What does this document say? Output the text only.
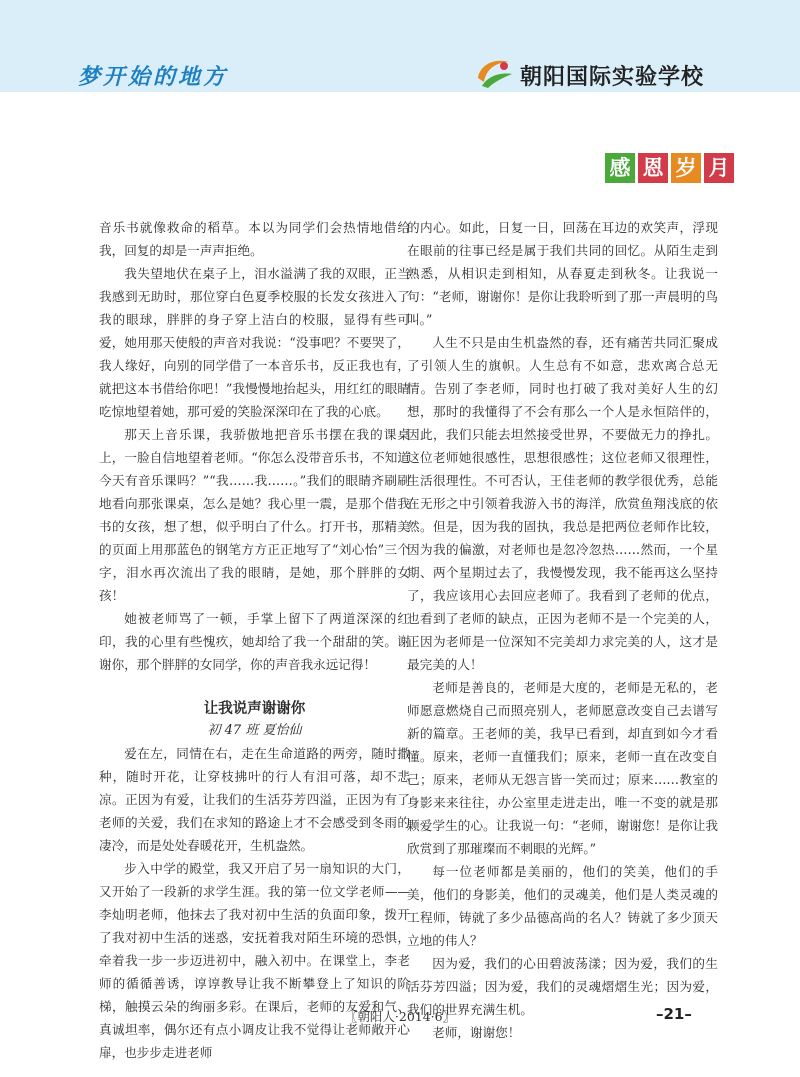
梦开始的地方	朝阳国际实验学校
感 恩 岁 月

音乐书就像救命的稻草。本以为同学们会热情地借给我，回复的却是一声声拒绝。

我失望地伏在桌子上，泪水溢满了我的双眼，正当我感到无助时，那位穿白色夏季校服的长发女孩进入了我的眼球，胖胖的身子穿上洁白的校服，显得有些可爱，她用那天使般的声音对我说：“没事吧？不要哭了，我人缘好，向别的同学借了一本音乐书，反正我也有，就把这本书借给你吧！”我慢慢地抬起头，用红红的眼睛吃惊地望着她，那可爱的笑脸深深印在了我的心底。

那天上音乐课，我骄傲地把音乐书摆在我的课桌上，一脸自信地望着老师。“你怎么没带音乐书，不知道今天有音乐课吗？”“我……我……。”我们的眼睛齐刷刷地看向那张课桌，怎么是她？我心里一震，是那个借我书的女孩，想了想，似乎明白了什么。打开书，那精美的页面上用那蓝色的钢笔方方正正地写了“刘心怡”三个字，泪水再次流出了我的眼睛，是她，那个胖胖的女孩！

她被老师骂了一顿，手掌上留下了两道深深的红印，我的心里有些愧疚，她却给了我一个甜甜的笑。谢谢你，那个胖胖的女同学，你的声音我永远记得！

让我说声谢谢你
初 47 班 夏怡仙

爱在左，同情在右，走在生命道路的两旁，随时撒种，随时开花，让穿枝拂叶的行人有泪可落，却不悲凉。正因为有爱，让我们的生活芬芳四溢，正因为有了老师的关爱，我们在求知的路途上才不会感受到冬雨的凄冷，而是处处春暖花开，生机盎然。

步入中学的殿堂，我又开启了另一扇知识的大门，又开始了一段新的求学生涯。我的第一位文学老师——李灿明老师，他抹去了我对初中生活的负面印象，拨开了我对初中生活的迷惑，安抚着我对陌生环境的恐惧，牵着我一步一步迈进初中，融入初中。在课堂上，李老师的循循善诱，谆谆教导让我不断攀登上了知识的阶梯，触摸云朵的绚丽多彩。在课后，老师的友爱和气、真诚坦率，偶尔还有点小调皮让我不觉得让老师敞开心扉，也步步走进老师

的内心。如此，日复一日，回荡在耳边的欢笑声，浮现在眼前的往事已经是属于我们共同的回忆。从陌生走到熟悉，从相识走到相知，从春夏走到秋冬。让我说一句：“老师，谢谢你！是你让我聆听到了那一声晨明的鸟叫。”

人生不只是由生机盎然的春，还有痛苦共同汇聚成了引领人生的旗帜。人生总有不如意，悲欢离合总无情。告别了李老师，同时也打破了我对美好人生的幻想，那时的我懂得了不会有那么一个人是永恒陪伴的，因此，我们只能去坦然接受世界，不要做无力的挣扎。这位老师她很感性，思想很感性；这位老师又很理性，生活很理性。不可否认，王佳老师的教学很优秀，总能在无形之中引领着我游入书的海洋，欣赏鱼翔浅底的依然。但是，因为我的固执，我总是把两位老师作比较，因为我的偏激，对老师也是忽冷忽热……然而，一个星期、两个星期过去了，我慢慢发现，我不能再这么坚持了，我应该用心去回应老师了。我看到了老师的优点，也看到了老师的缺点，正因为老师不是一个完美的人，正因为老师是一位深知不完美却力求完美的人，这才是最完美的人！

老师是善良的，老师是大度的，老师是无私的，老师愿意燃烧自己而照亮别人，老师愿意改变自己去谱写新的篇章。王老师的美，我早已看到，却直到如今才看懂。原来，老师一直懂我们；原来，老师一直在改变自己；原来，老师从无怨言皆一笑而过；原来……教室的身影来来往往，办公室里走进走出，唯一不变的就是那颗爱学生的心。让我说一句：“老师，谢谢您！是你让我欣赏到了那璀璨而不刺眼的光辉。”

每一位老师都是美丽的，他们的笑美，他们的手美，他们的身影美，他们的灵魂美，他们是人类灵魂的工程师，铸就了多少品德高尚的名人？铸就了多少顶天立地的伟人？

因为爱，我们的心田碧波荡漾；因为爱，我们的生活芬芳四溢；因为爱，我们的灵魂熠熠生光；因为爱，我们的世界充满生机。

老师，谢谢您！

〖朝阳人·2014·6〗	–21–
